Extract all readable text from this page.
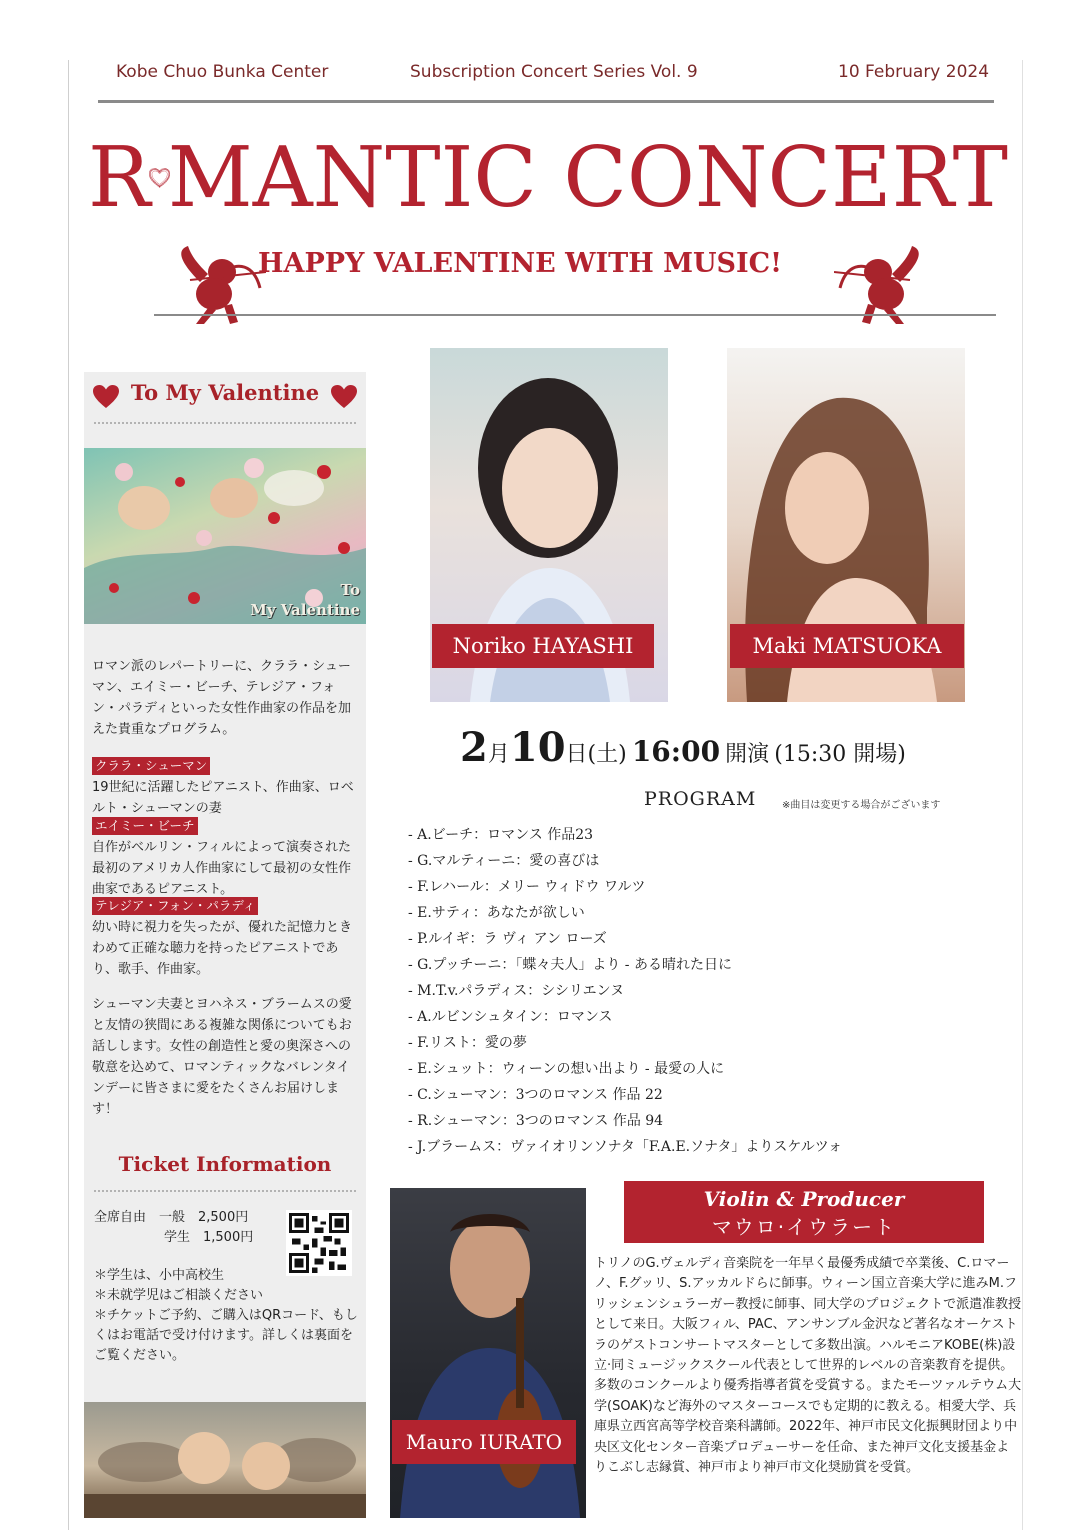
Kobe Chuo Bunka Center	Subscription Concert Series Vol. 9	10 February 2024
R MANTIC CONCERT
HAPPY VALENTINE WITH MUSIC!
To My Valentine
To
My Valentine
ロマン派のレパートリーに、クララ・シューマン、エイミー・ビーチ、テレジア・フォン・パラディといった女性作曲家の作品を加えた貴重なプログラム。
クララ・シューマン
19世紀に活躍したピアニスト、作曲家、ロベルト・シューマンの妻
エイミー・ビーチ
自作がベルリン・フィルによって演奏された最初のアメリカ人作曲家にして最初の女性作曲家であるピアニスト。
テレジア・フォン・パラディ
幼い時に視力を失ったが、優れた記憶力ときわめて正確な聴力を持ったピアニストであり、歌手、作曲家。
シューマン夫妻とヨハネス・ブラームスの愛と友情の狭間にある複雑な関係についてもお話しします。女性の創造性と愛の奥深さへの敬意を込めて、ロマンティックなバレンタインデーに皆さまに愛をたくさんお届けします！
Ticket Information
全席自由　一般　2,500円
学生　1,500円
＊学生は、小中高校生
＊未就学児はご相談ください
＊チケットご予約、ご購入はQRコード、もしくはお電話で受け付けます。詳しくは裏面をご覧ください。
Noriko HAYASHI	Maki MATSUOKA
2月10日(土) 16:00 開演 (15:30 開場)
PROGRAM	※曲目は変更する場合がございます
- A.ビーチ：ロマンス 作品23
- G.マルティーニ：愛の喜びは
- F.レハール：メリー ウィドウ ワルツ
- E.サティ：あなたが欲しい
- P.ルイギ：ラ ヴィ アン ローズ
- G.プッチーニ：「蝶々夫人」より - ある晴れた日に
- M.T.v.パラディス：シシリエンヌ
- A.ルビンシュタイン：ロマンス
- F.リスト：愛の夢
- E.シュット：ウィーンの想い出より - 最愛の人に
- C.シューマン：3つのロマンス 作品 22
- R.シューマン：3つのロマンス 作品 94
- J.ブラームス：ヴァイオリンソナタ「F.A.E.ソナタ」よりスケルツォ
Mauro IURATO
Violin & Producer
マウロ·イウラート
トリノのG.ヴェルディ音楽院を一年早く最優秀成績で卒業後、C.ロマーノ、F.グッリ、S.アッカルドらに師事。ウィーン国立音楽大学に進みM.フリッシェンシュラーガー教授に師事、同大学のプロジェクトで派遣准教授として来日。大阪フィル、PAC、アンサンブル金沢など著名なオーケストラのゲストコンサートマスターとして多数出演。ハルモニアKOBE(株)設立·同ミュージックスクール代表として世界的レベルの音楽教育を提供。多数のコンクールより優秀指導者賞を受賞する。またモーツァルテウム大学(SOAK)など海外のマスターコースでも定期的に教える。相愛大学、兵庫県立西宮高等学校音楽科講師。2022年、神戸市民文化振興財団より中央区文化センター音楽プロデューサーを任命、また神戸文化支援基金よりこぶし志縁賞、神戸市より神戸市文化奨励賞を受賞。
